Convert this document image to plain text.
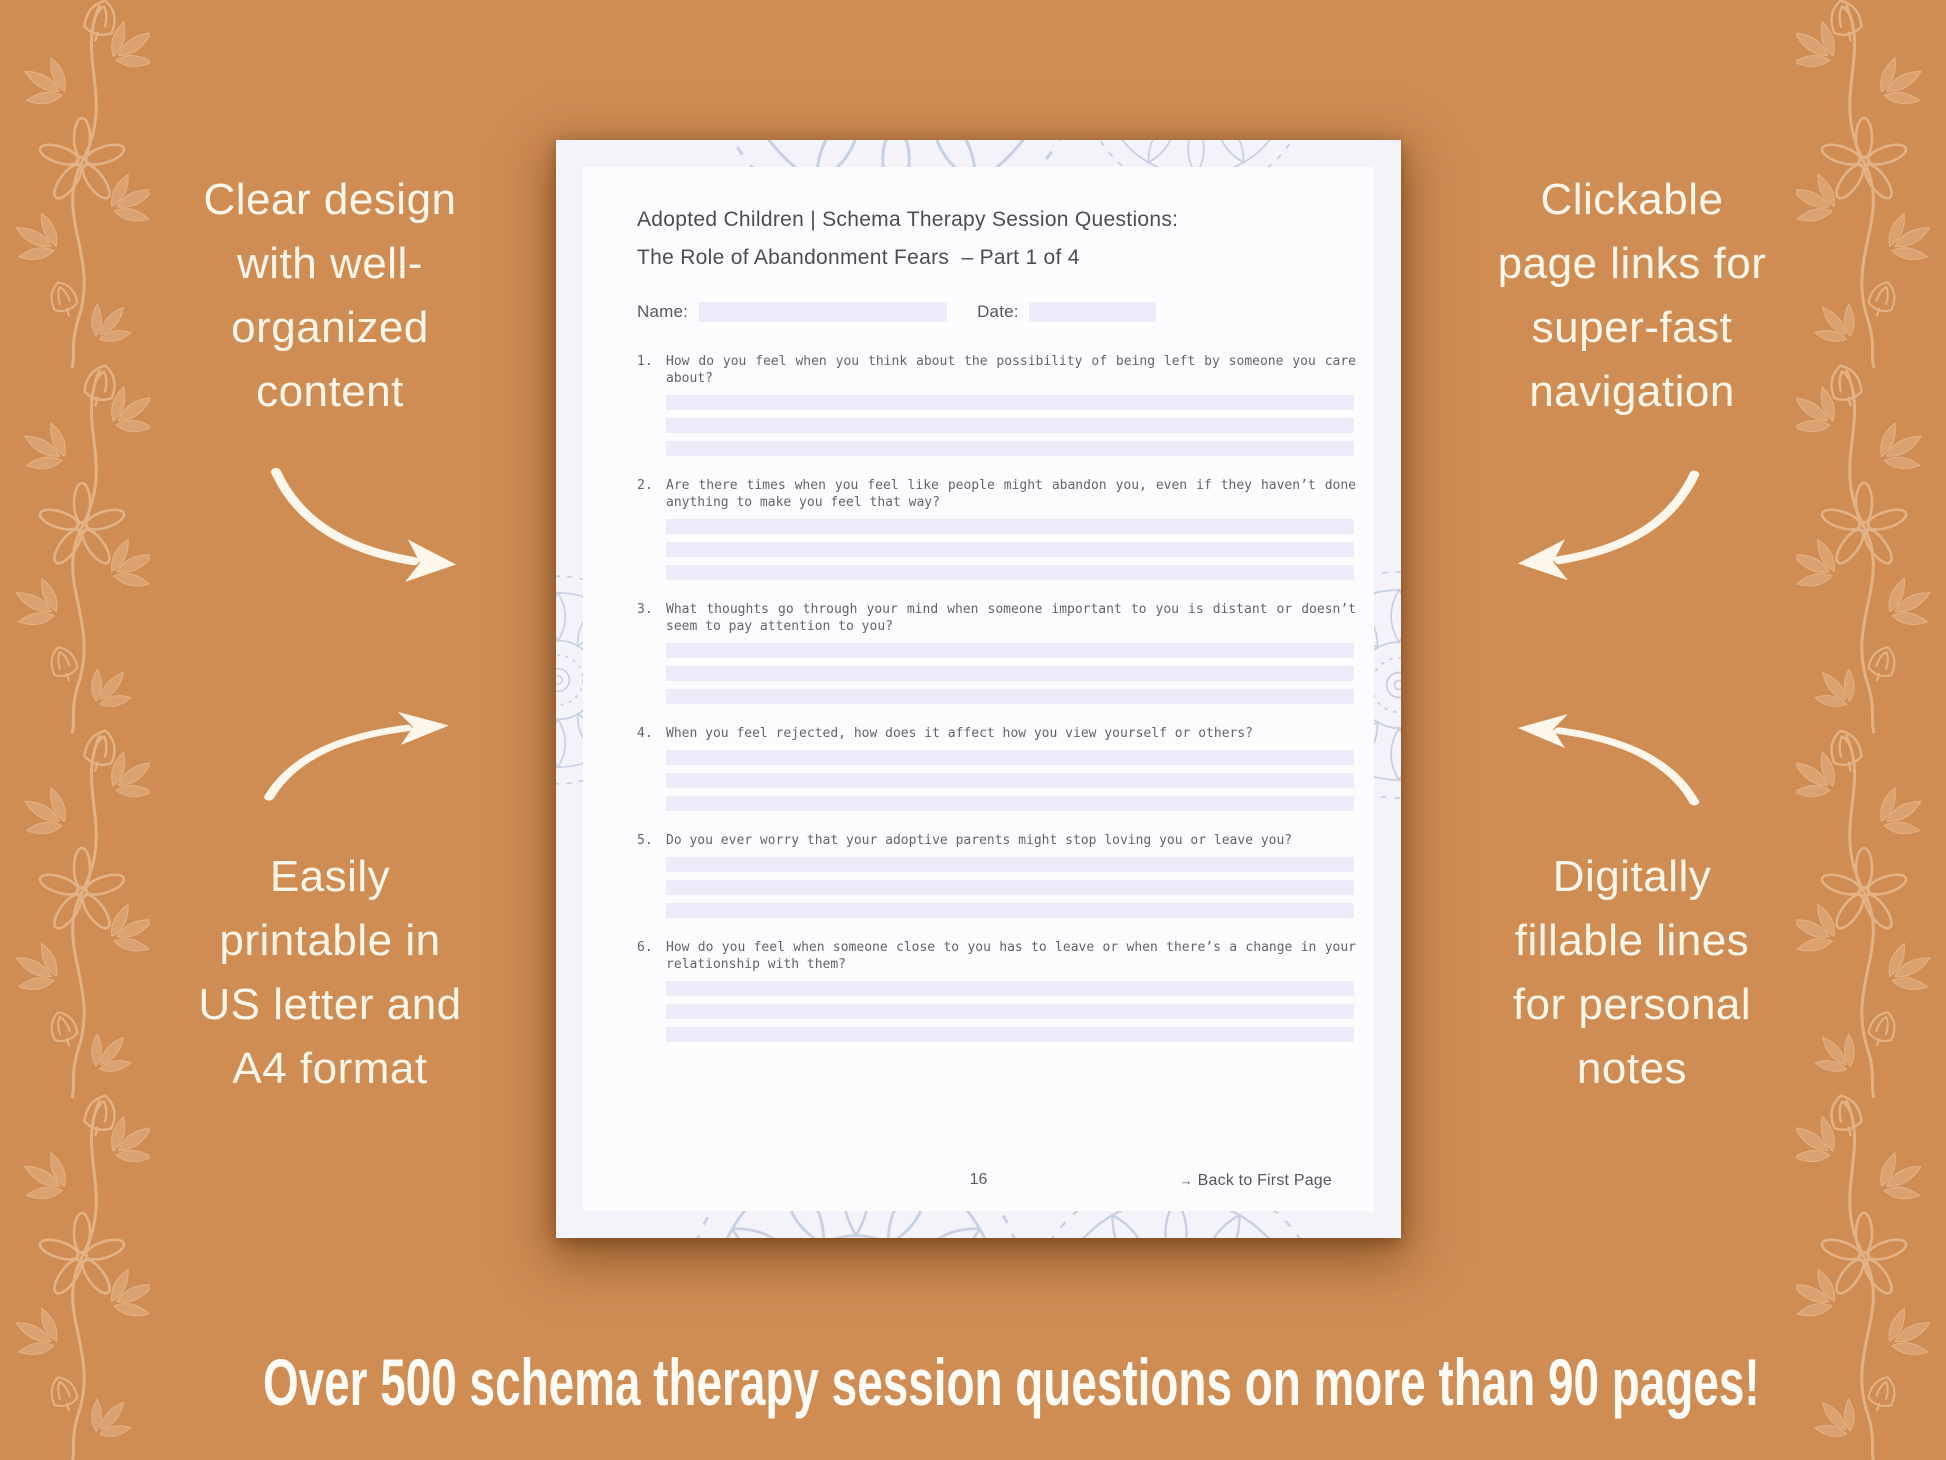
Clear design
with well-
organized
content
Easily
printable in
US letter and
A4 format
Clickable
page links for
super-fast
navigation
Digitally
fillable lines
for personal
notes
Adopted Children | Schema Therapy Session Questions:
The Role of Abandonment Fears  – Part 1 of 4
Name:	Date:
1.	How do you feel when you think about the possibility of being left by someone you care about?
2.	Are there times when you feel like people might abandon you, even if they haven’t done anything to make you feel that way?
3.	What thoughts go through your mind when someone important to you is distant or doesn’t seem to pay attention to you?
4.	When you feel rejected, how does it affect how you view yourself or others?
5.	Do you ever worry that your adoptive parents might stop loving you or leave you?
6.	How do you feel when someone close to you has to leave or when there’s a change in your relationship with them?
16	→ Back to First Page
Over 500 schema therapy session questions on more than 90 pages!
